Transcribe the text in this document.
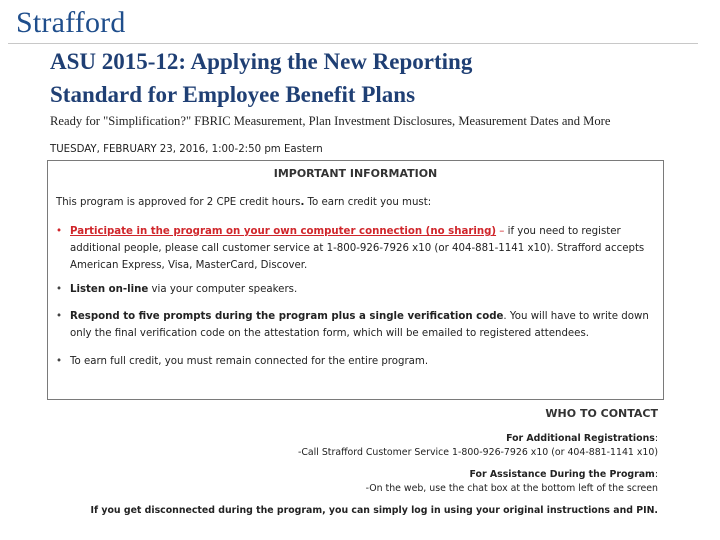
Strafford
ASU 2015-12: Applying the New Reporting
Standard for Employee Benefit Plans
Ready for "Simplification?" FBRIC Measurement, Plan Investment Disclosures, Measurement Dates and More
TUESDAY, FEBRUARY 23, 2016, 1:00-2:50 pm Eastern
IMPORTANT INFORMATION
This program is approved for 2 CPE credit hours. To earn credit you must:
• Participate in the program on your own computer connection (no sharing) – if you need to register additional people, please call customer service at 1-800-926-7926 x10 (or 404-881-1141 x10). Strafford accepts American Express, Visa, MasterCard, Discover.
• Listen on-line via your computer speakers.
• Respond to five prompts during the program plus a single verification code. You will have to write down only the final verification code on the attestation form, which will be emailed to registered attendees.
• To earn full credit, you must remain connected for the entire program.
WHO TO CONTACT
For Additional Registrations:
-Call Strafford Customer Service 1-800-926-7926 x10 (or 404-881-1141 x10)
For Assistance During the Program:
-On the web, use the chat box at the bottom left of the screen
If you get disconnected during the program, you can simply log in using your original instructions and PIN.
